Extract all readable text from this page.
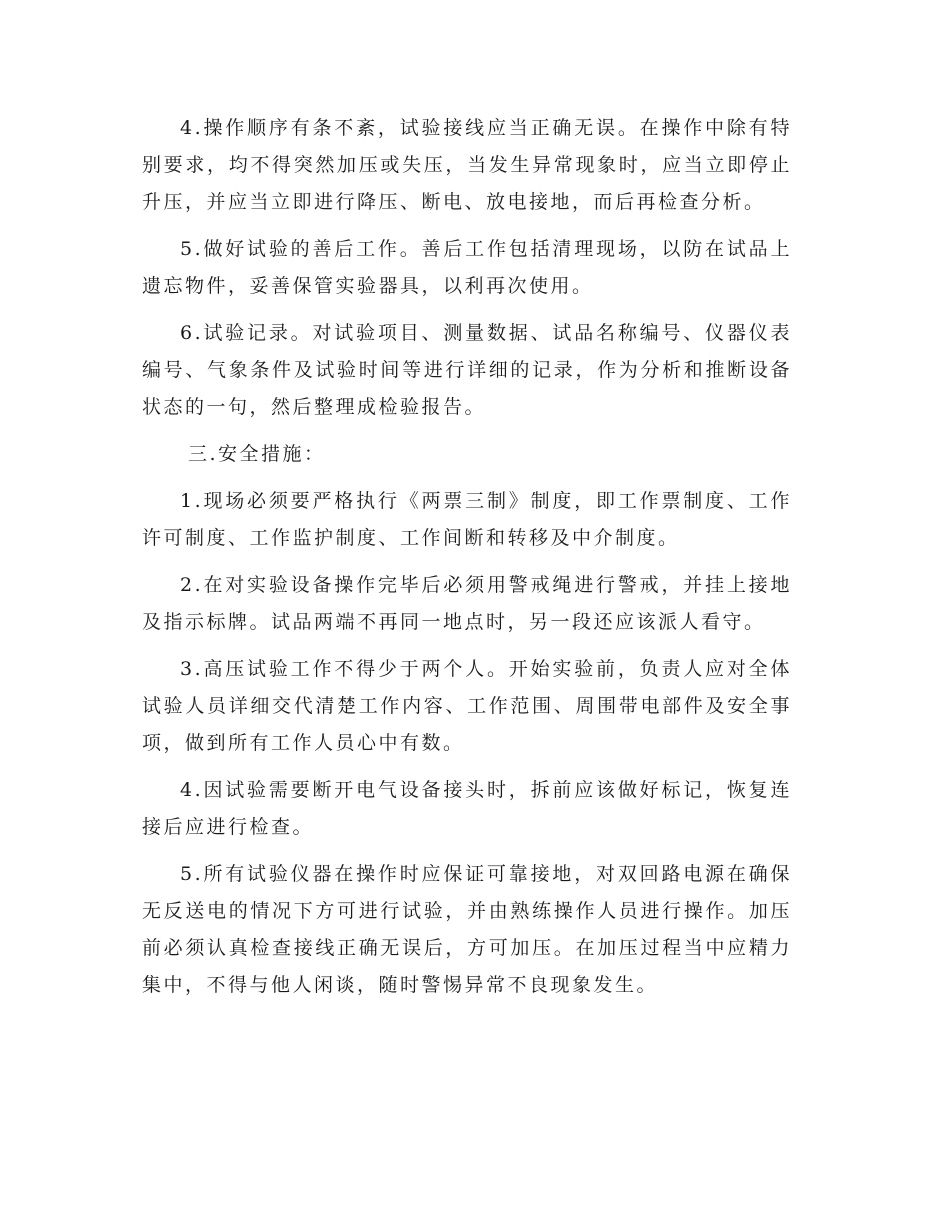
4.操作顺序有条不紊，试验接线应当正确无误。在操作中除有特别要求，均不得突然加压或失压，当发生异常现象时，应当立即停止升压，并应当立即进行降压、断电、放电接地，而后再检查分析。

5.做好试验的善后工作。善后工作包括清理现场，以防在试品上遗忘物件，妥善保管实验器具，以利再次使用。

6.试验记录。对试验项目、测量数据、试品名称编号、仪器仪表编号、气象条件及试验时间等进行详细的记录，作为分析和推断设备状态的一句，然后整理成检验报告。

三.安全措施：

1.现场必须要严格执行《两票三制》制度，即工作票制度、工作许可制度、工作监护制度、工作间断和转移及中介制度。

2.在对实验设备操作完毕后必须用警戒绳进行警戒，并挂上接地及指示标牌。试品两端不再同一地点时，另一段还应该派人看守。

3.高压试验工作不得少于两个人。开始实验前，负责人应对全体试验人员详细交代清楚工作内容、工作范围、周围带电部件及安全事项，做到所有工作人员心中有数。

4.因试验需要断开电气设备接头时，拆前应该做好标记，恢复连接后应进行检查。

5.所有试验仪器在操作时应保证可靠接地，对双回路电源在确保无反送电的情况下方可进行试验，并由熟练操作人员进行操作。加压前必须认真检查接线正确无误后，方可加压。在加压过程当中应精力集中，不得与他人闲谈，随时警惕异常不良现象发生。
